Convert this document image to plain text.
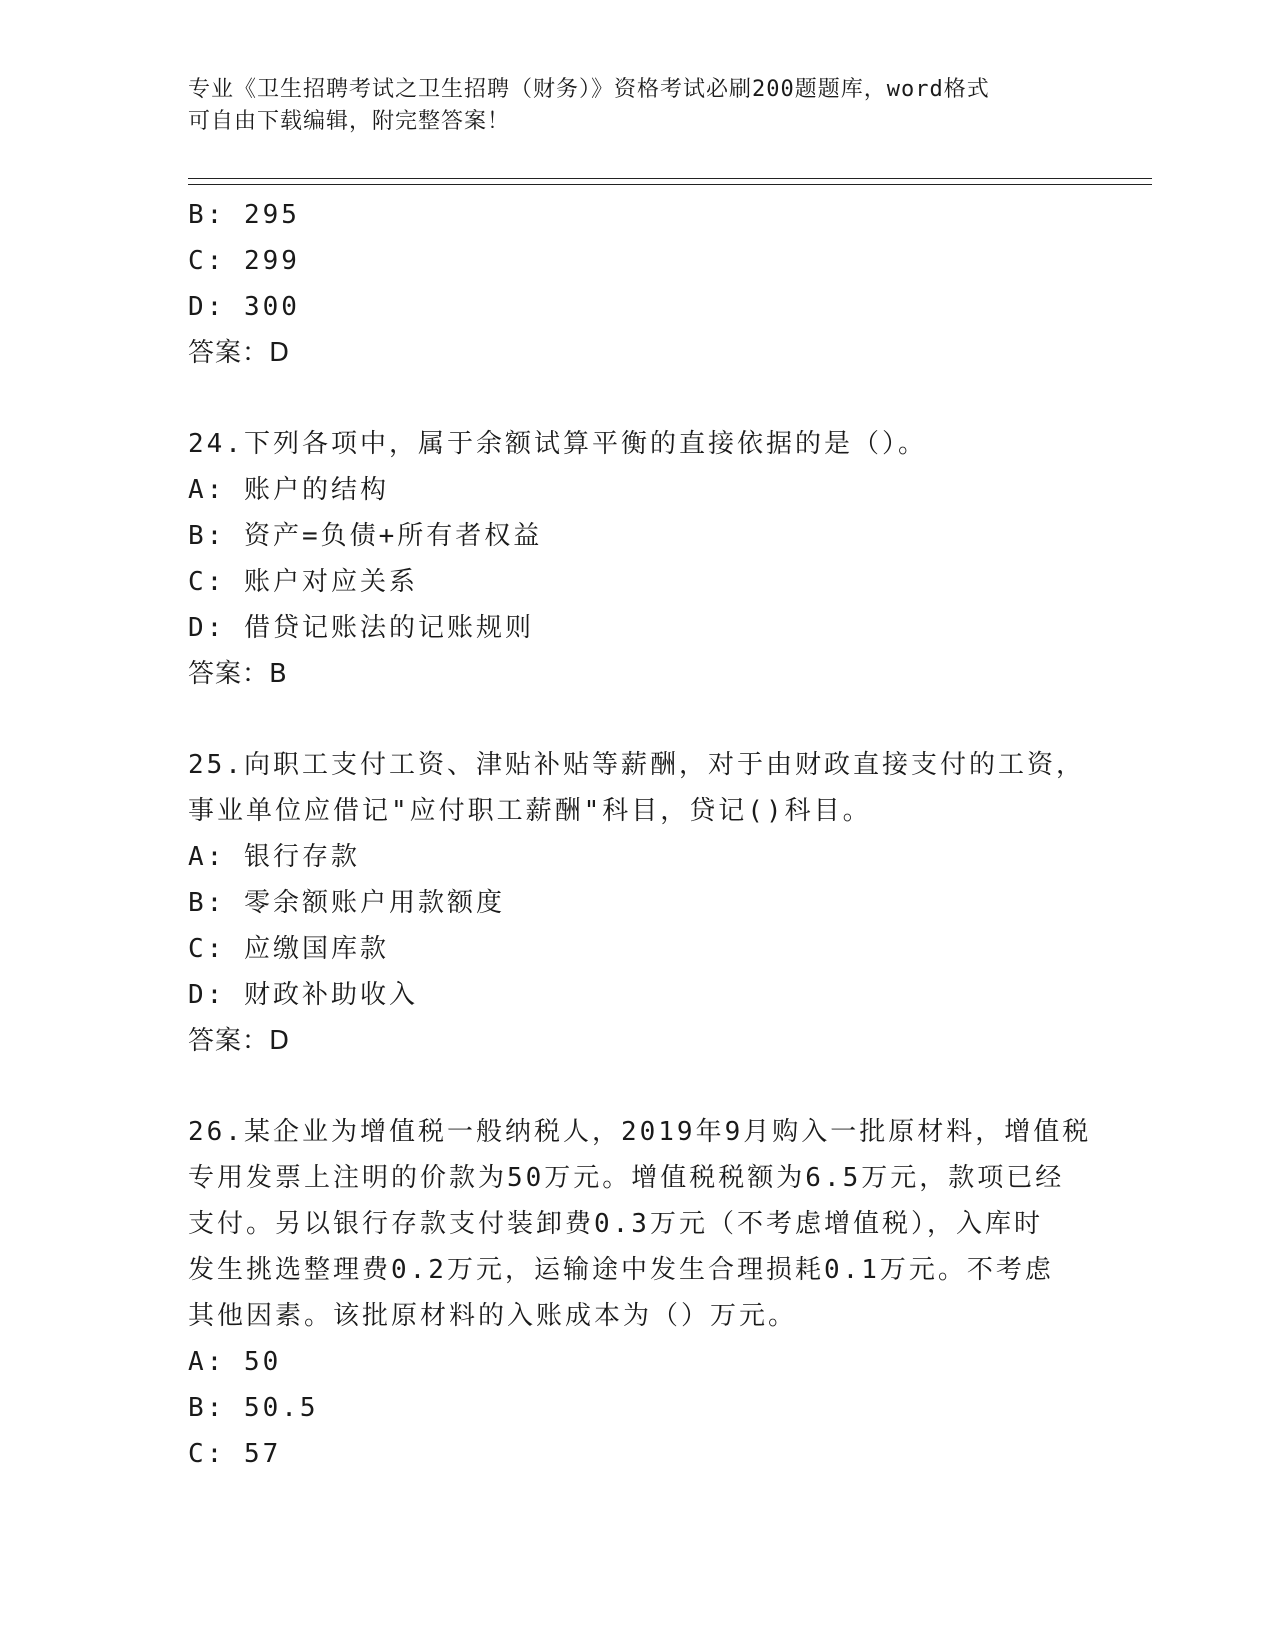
专业《卫生招聘考试之卫生招聘（财务）》资格考试必刷200题题库，word格式
可自由下载编辑，附完整答案！
B: 295
C: 299
D: 300
答案：D
24.下列各项中，属于余额试算平衡的直接依据的是（）。
A: 账户的结构
B: 资产=负债+所有者权益
C: 账户对应关系
D: 借贷记账法的记账规则
答案：B
25.向职工支付工资、津贴补贴等薪酬，对于由财政直接支付的工资，
事业单位应借记"应付职工薪酬"科目，贷记()科目。
A: 银行存款
B: 零余额账户用款额度
C: 应缴国库款
D: 财政补助收入
答案：D
26.某企业为增值税一般纳税人，2019年9月购入一批原材料，增值税
专用发票上注明的价款为50万元。增值税税额为6.5万元，款项已经
支付。另以银行存款支付装卸费0.3万元（不考虑增值税），入库时
发生挑选整理费0.2万元，运输途中发生合理损耗0.1万元。不考虑
其他因素。该批原材料的入账成本为（）万元。
A: 50
B: 50.5
C: 57
